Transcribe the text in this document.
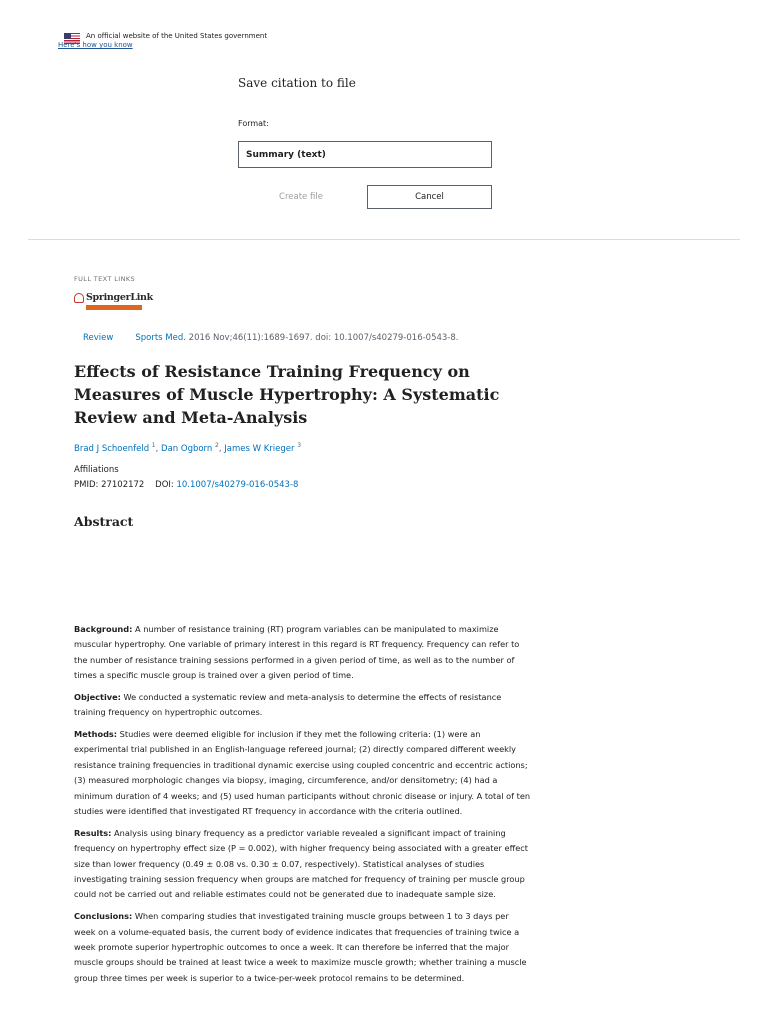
An official website of the United States government
Here's how you know
Save citation to file
Format:
Summary (text)
Create file	Cancel
FULL TEXT LINKS
SpringerLink
Review	Sports Med. 2016 Nov;46(11):1689-1697. doi: 10.1007/s40279-016-0543-8.
Effects of Resistance Training Frequency on Measures of Muscle Hypertrophy: A Systematic Review and Meta-Analysis
Brad J Schoenfeld $^1$, Dan Ogborn $^2$, James W Krieger $^3$
Affiliations
PMID: 27102172 DOI: 10.1007/s40279-016-0543-8
Abstract

Background: A number of resistance training (RT) program variables can be manipulated to maximize muscular hypertrophy. One variable of primary interest in this regard is RT frequency. Frequency can refer to the number of resistance training sessions performed in a given period of time, as well as to the number of times a specific muscle group is trained over a given period of time.

Objective: We conducted a systematic review and meta-analysis to determine the effects of resistance training frequency on hypertrophic outcomes.

Methods: Studies were deemed eligible for inclusion if they met the following criteria: (1) were an experimental trial published in an English-language refereed journal; (2) directly compared different weekly resistance training frequencies in traditional dynamic exercise using coupled concentric and eccentric actions; (3) measured morphologic changes via biopsy, imaging, circumference, and/or densitometry; (4) had a minimum duration of 4 weeks; and (5) used human participants without chronic disease or injury. A total of ten studies were identified that investigated RT frequency in accordance with the criteria outlined.

Results: Analysis using binary frequency as a predictor variable revealed a significant impact of training frequency on hypertrophy effect size (P = 0.002), with higher frequency being associated with a greater effect size than lower frequency (0.49 ± 0.08 vs. 0.30 ± 0.07, respectively). Statistical analyses of studies investigating training session frequency when groups are matched for frequency of training per muscle group could not be carried out and reliable estimates could not be generated due to inadequate sample size.

Conclusions: When comparing studies that investigated training muscle groups between 1 to 3 days per week on a volume-equated basis, the current body of evidence indicates that frequencies of training twice a week promote superior hypertrophic outcomes to once a week. It can therefore be inferred that the major muscle groups should be trained at least twice a week to maximize muscle growth; whether training a muscle group three times per week is superior to a twice-per-week protocol remains to be determined.
